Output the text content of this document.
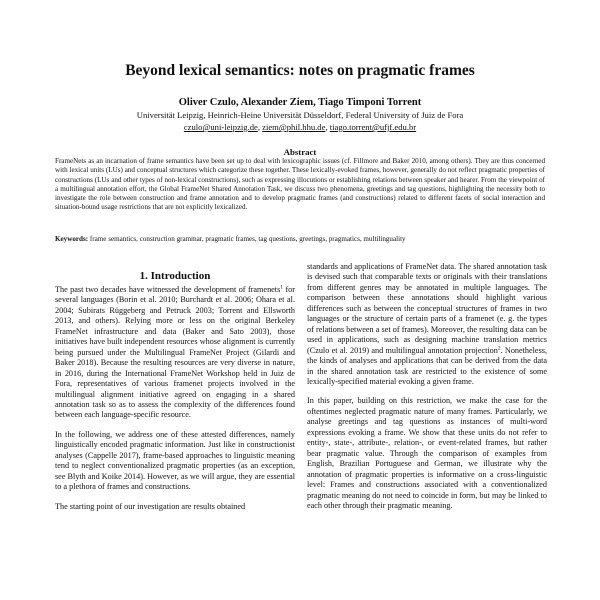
Beyond lexical semantics: notes on pragmatic frames
Oliver Czulo, Alexander Ziem, Tiago Timponi Torrent
Universität Leipzig, Heinrich-Heine Universität Düsseldorf, Federal University of Juiz de Fora
czulo@uni-leipzig.de, ziem@phil.hhu.de, tiago.torrent@ufjf.edu.br
Abstract
FrameNets as an incarnation of frame semantics have been set up to deal with lexicographic issues (cf. Fillmore and Baker 2010, among others). They are thus concerned with lexical units (LUs) and conceptual structures which categorize these together. These lexically-evoked frames, however, generally do not reflect pragmatic properties of constructions (LUs and other types of non-lexical constructions), such as expressing illocutions or establishing relations between speaker and hearer. From the viewpoint of a multilingual annotation effort, the Global FrameNet Shared Annotation Task, we discuss two phenomena, greetings and tag questions, highlighting the necessity both to investigate the role between construction and frame annotation and to develop pragmatic frames (and constructions) related to different facets of social interaction and situation-bound usage restrictions that are not explicitly lexicalized.
Keywords: frame semantics, construction grammar, pragmatic frames, tag questions, greetings, pragmatics, multilinguality
1. Introduction

The past two decades have witnessed the development of framenets$^1$ for several languages (Borin et al. 2010; Burchardt et al. 2006; Ohara et al. 2004; Subirats Rüggeberg and Petruck 2003; Torrent and Ellsworth 2013, and others). Relying more or less on the original Berkeley FrameNet infrastructure and data (Baker and Sato 2003), those initiatives have built independent resources whose alignment is currently being pursued under the Multilingual FrameNet Project (Gilardi and Baker 2018). Because the resulting resources are very diverse in nature, in 2016, during the International FrameNet Workshop held in Juiz de Fora, representatives of various framenet projects involved in the multilingual alignment initiative agreed on engaging in a shared annotation task so as to assess the complexity of the differences found between each language-specific resource.

In the following, we address one of these attested differences, namely linguistically encoded pragmatic information. Just like in constructionist analyses (Cappelle 2017), frame-based approaches to linguistic meaning tend to neglect conventionalized pragmatic properties (as an exception, see Blyth and Koike 2014). However, as we will argue, they are essential to a plethora of frames and constructions.

The starting point of our investigation are results obtained

standards and applications of FrameNet data. The shared annotation task is devised such that comparable texts or originals with their translations from different genres may be annotated in multiple languages. The comparison between these annotations should highlight various differences such as between the conceptual structures of frames in two languages or the structure of certain parts of a framenet (e. g. the types of relations between a set of frames). Moreover, the resulting data can be used in applications, such as designing machine translation metrics (Czulo et al. 2019) and multilingual annotation projection$^2$. Nonetheless, the kinds of analyses and applications that can be derived from the data in the shared annotation task are restricted to the existence of some lexically-specified material evoking a given frame.

In this paper, building on this restriction, we make the case for the oftentimes neglected pragmatic nature of many frames. Particularly, we analyse greetings and tag questions as instances of multi-word expressions evoking a frame. We show that these units do not refer to entity-, state-, attribute-, relation-, or event-related frames, but rather bear pragmatic value. Through the comparison of examples from English, Brazilian Portuguese and German, we illustrate why the annotation of pragmatic properties is informative on a cross-linguistic level: Frames and constructions associated with a conventionalized pragmatic meaning do not need to coincide in form, but may be linked to each other through their pragmatic meaning.
